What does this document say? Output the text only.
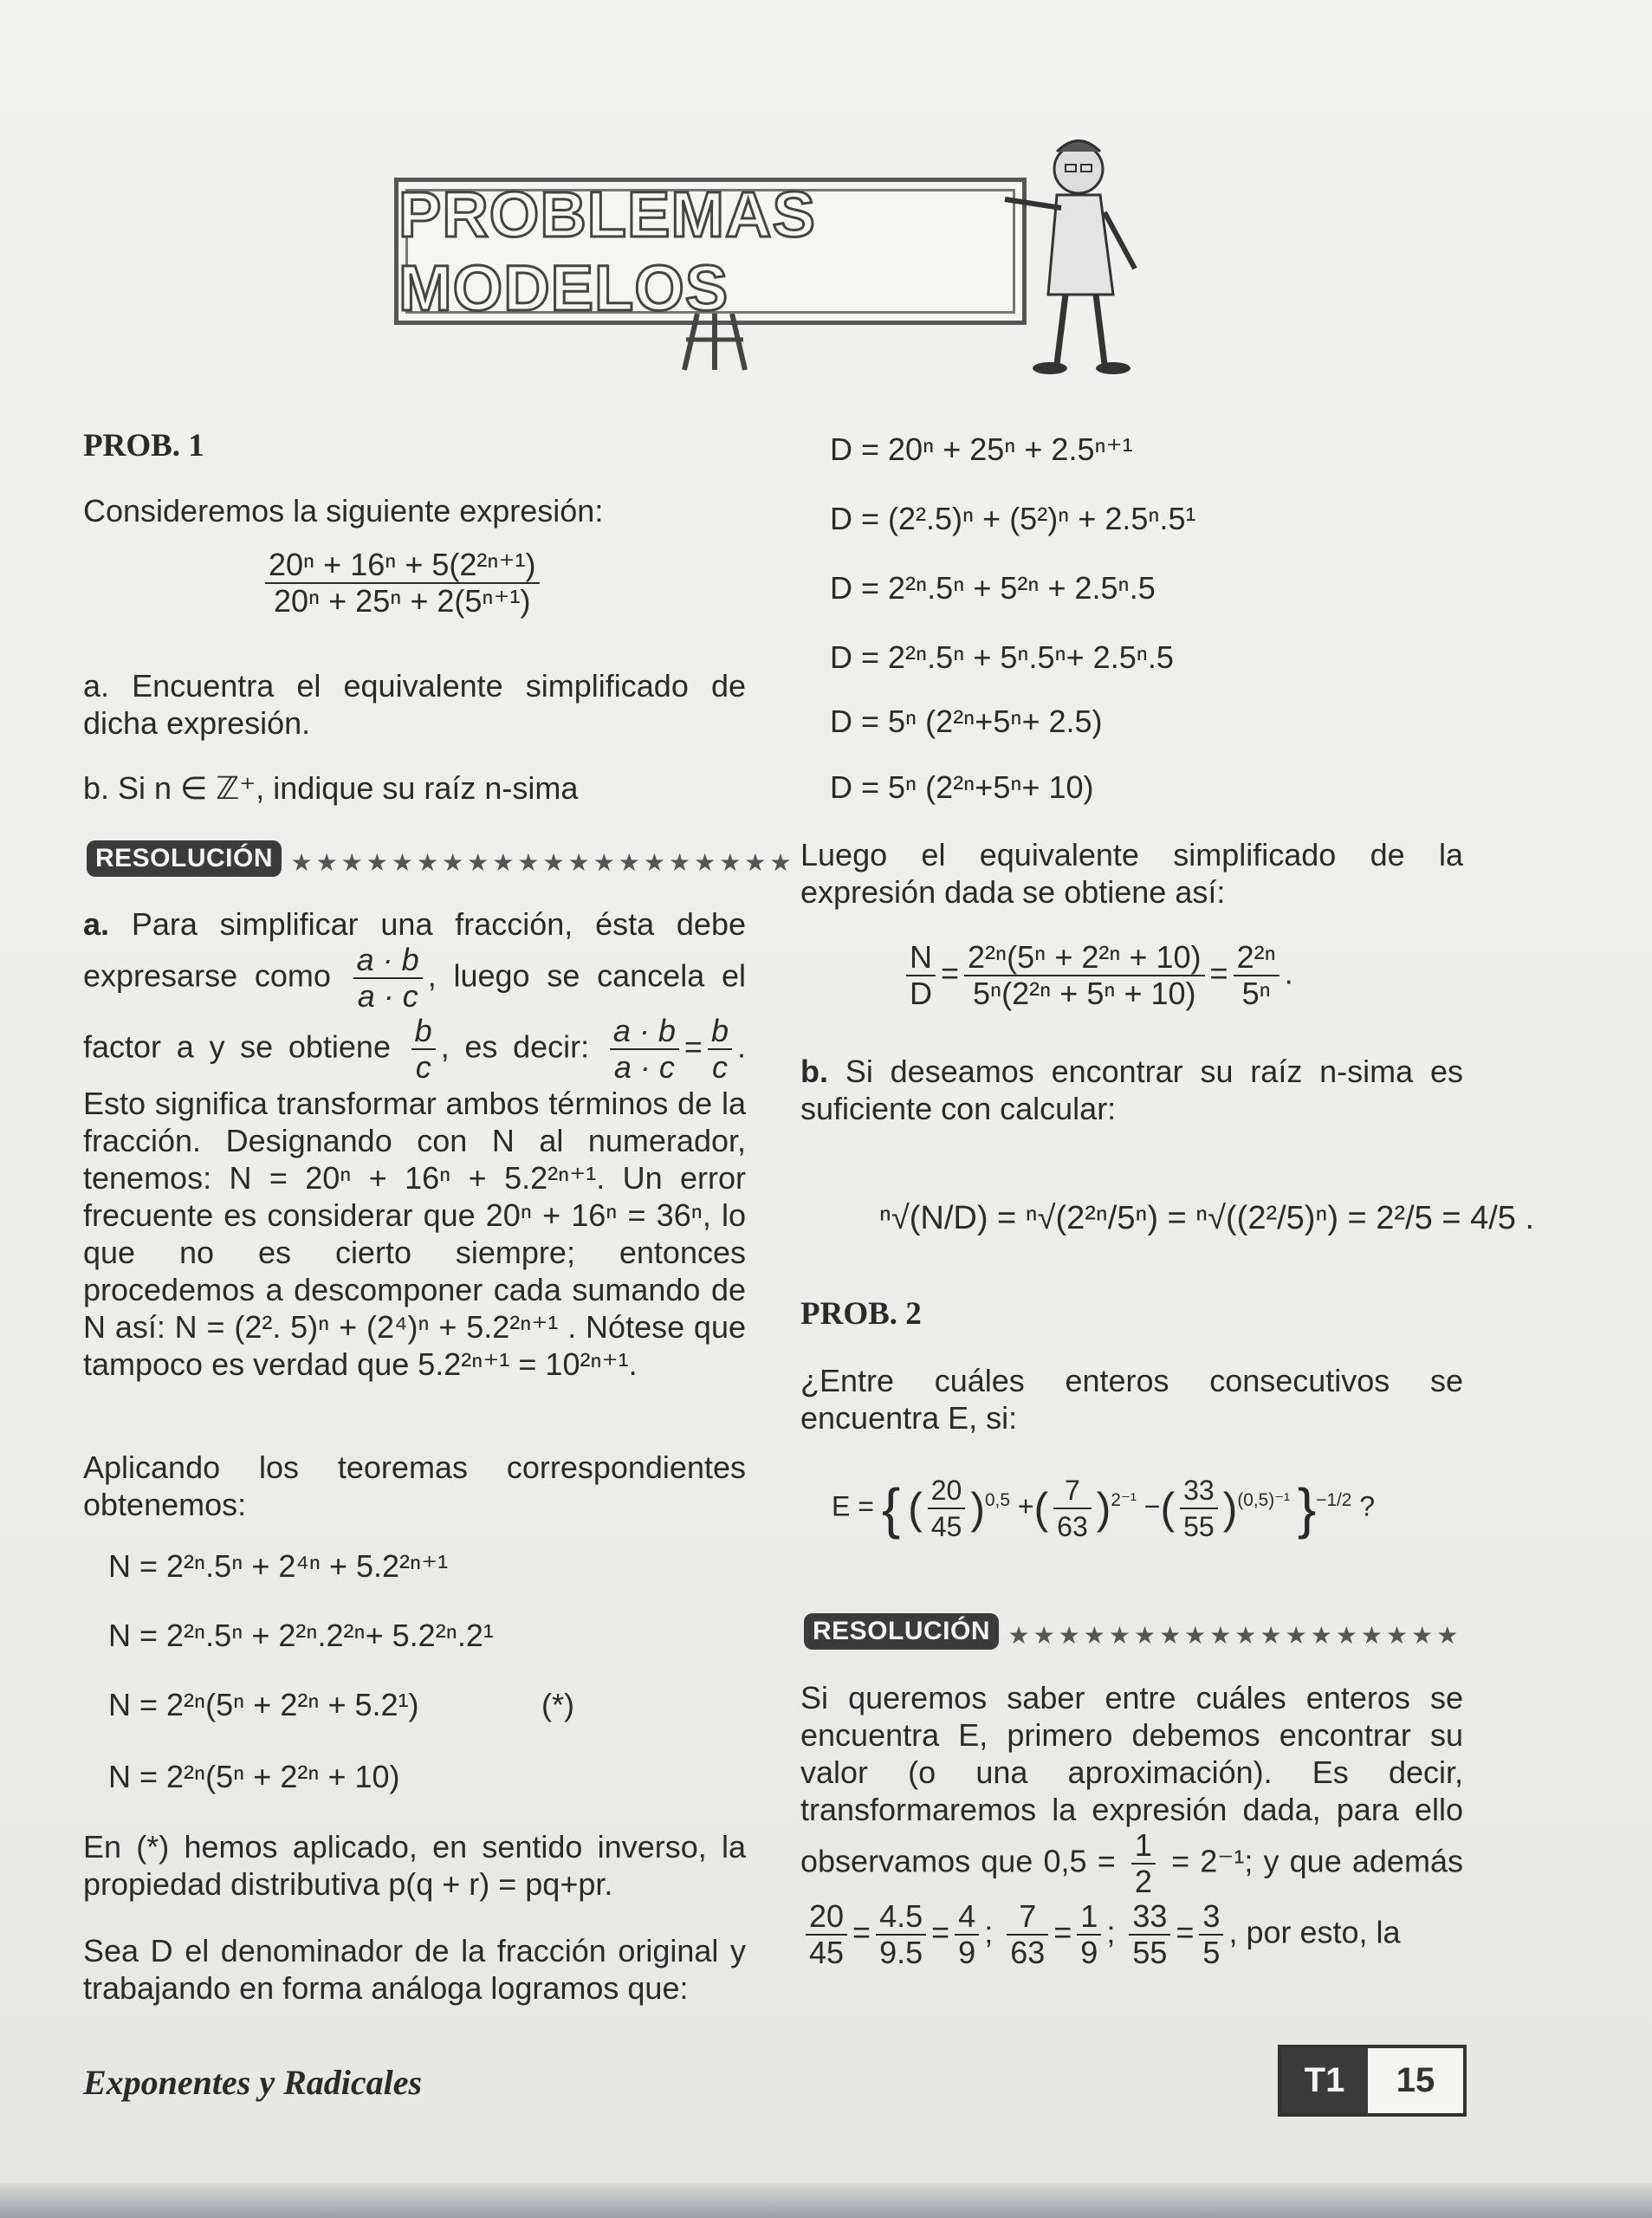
PROBLEMAS MODELOS
PROB. 1

Consideremos la siguiente expresión:

$\frac{\text{20ⁿ + 16ⁿ + 5(2²ⁿ⁺¹)}}{\text{20ⁿ + 25ⁿ + 2(5ⁿ⁺¹)}}$

a. Encuentra el equivalente simplificado de dicha expresión.

b. Si n ∈ ℤ⁺, indique su raíz n-sima

RESOLUCIÓN ★★★★★★★★★★★★★★★★★★★★

a. Para simplificar una fracción, ésta debe expresarse como $\frac{a \cdot b}{a \cdot c}$ , luego se cancela el factor a y se obtiene $\frac{b}{c}$ , es decir: $\frac{a \cdot b}{a \cdot c} = \frac{b}{c}$ . Esto significa transformar ambos términos de la fracción. Designando con N al numerador, tenemos: N = 20ⁿ + 16ⁿ + 5.2²ⁿ⁺¹. Un error frecuente es considerar que 20ⁿ + 16ⁿ = 36ⁿ, lo que no es cierto siempre; entonces procedemos a descomponer cada sumando de N así: N = (2². 5)ⁿ + (2⁴)ⁿ + 5.2²ⁿ⁺¹ . Nótese que tampoco es verdad que 5.2²ⁿ⁺¹ = 10²ⁿ⁺¹.

Aplicando los teoremas correspondientes obtenemos:

N = 2²ⁿ.5ⁿ + 2⁴ⁿ + 5.2²ⁿ⁺¹
N = 2²ⁿ.5ⁿ + 2²ⁿ.2²ⁿ+ 5.2²ⁿ.2¹
N = 2²ⁿ(5ⁿ + 2²ⁿ + 5.2¹)	(*)
N = 2²ⁿ(5ⁿ + 2²ⁿ + 10)

En (*) hemos aplicado, en sentido inverso, la propiedad distributiva p(q + r) = pq+pr.

Sea D el denominador de la fracción original y trabajando en forma análoga logramos que:

D = 20ⁿ + 25ⁿ + 2.5ⁿ⁺¹
D = (2².5)ⁿ + (5²)ⁿ + 2.5ⁿ.5¹
D = 2²ⁿ.5ⁿ + 5²ⁿ + 2.5ⁿ.5
D = 2²ⁿ.5ⁿ + 5ⁿ.5ⁿ+ 2.5ⁿ.5
D = 5ⁿ (2²ⁿ+5ⁿ+ 2.5)
D = 5ⁿ (2²ⁿ+5ⁿ+ 10)

Luego el equivalente simplificado de la expresión dada se obtiene así:

$\frac{N}{D} = \frac{\text{2²ⁿ(5ⁿ + 2²ⁿ + 10)}}{\text{5ⁿ(2²ⁿ + 5ⁿ + 10)}} = \frac{\text{2²ⁿ}}{\text{5ⁿ}}$ .

b. Si deseamos encontrar su raíz n-sima es suficiente con calcular:

ⁿ√(N/D) = ⁿ√(2²ⁿ/5ⁿ) = ⁿ√((2²/5)ⁿ) = 2²/5 = 4/5 .
PROB. 2

¿Entre cuáles enteros consecutivos se encuentra E, si:

E = { ( $\frac{20}{45} )^{0,5}$ +( $\frac{7}{63} )^{2^{-1}}$ −( $\frac{33}{55} )^{(0,5)^{-1}}$ }$^{-1/2}$ ?
RESOLUCIÓN ★★★★★★★★★★★★★★★★★★

Si queremos saber entre cuáles enteros se encuentra E, primero debemos encontrar su valor (o una aproximación). Es decir, transformaremos la expresión dada, para ello observamos que $0,5 = \frac{1}{2} = 2^{-1}$; y que además
$\frac{20}{45} = \frac{4.5}{9.5} = \frac{4}{9}$ ; $\frac{7}{63} = \frac{1}{9}$ ; $\frac{33}{55} = \frac{3}{5}$ , por esto, la

Exponentes y Radicales	T1	15
